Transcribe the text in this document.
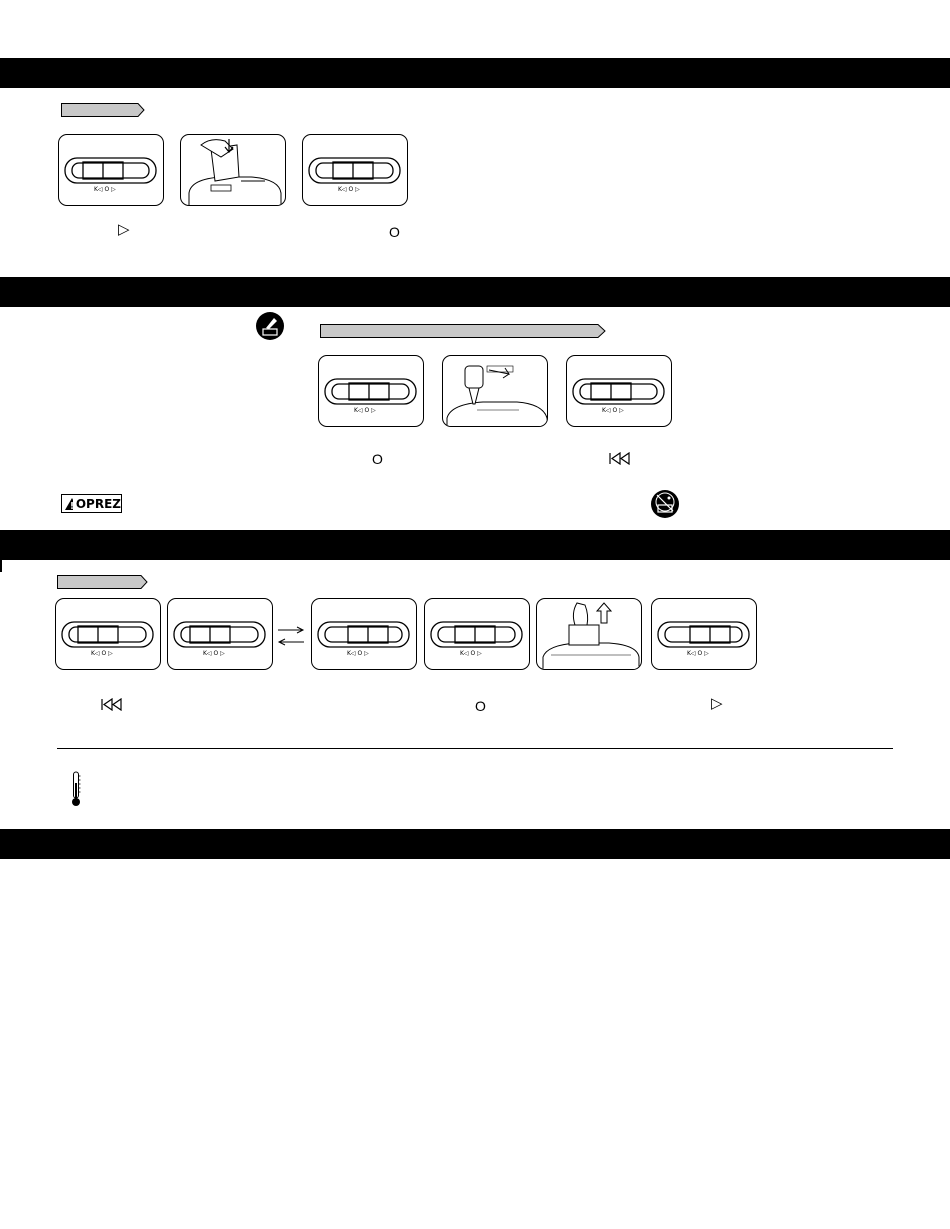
K◁ O ▷	K◁ O ▷
▷	O
K◁ O ▷	K◁ O ▷
O
OPREZ
K◁ O ▷	K◁ O ▷	K◁ O ▷	K◁ O ▷	K◁ O ▷
O	▷
